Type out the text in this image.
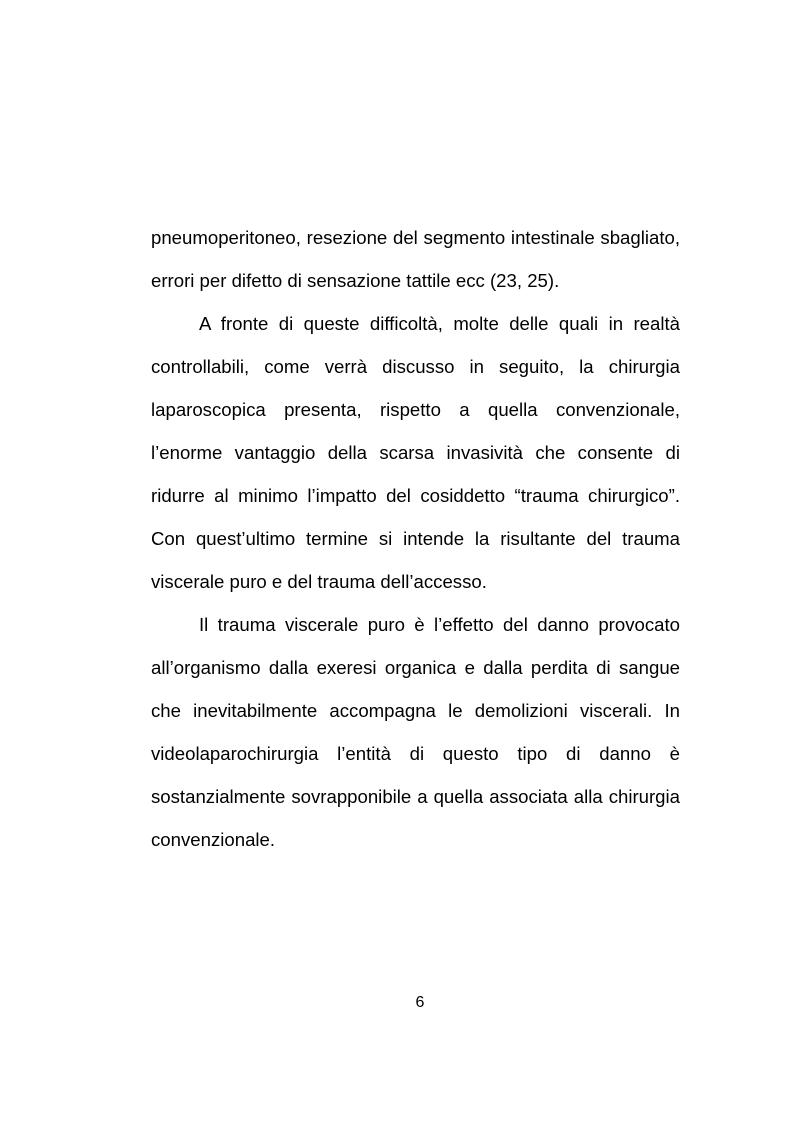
pneumoperitoneo, resezione del segmento intestinale sbagliato,
errori per difetto di sensazione tattile ecc (23, 25).
A fronte di queste difficoltà, molte delle quali in realtà
controllabili, come verrà discusso in seguito, la chirurgia
laparoscopica presenta, rispetto a quella convenzionale,
l’enorme vantaggio della scarsa invasività che consente di
ridurre al minimo l’impatto del cosiddetto “trauma chirurgico”.
Con quest’ultimo termine si intende la risultante del trauma
viscerale puro e del trauma dell’accesso.
Il trauma viscerale puro è l’effetto del danno provocato
all’organismo dalla exeresi organica e dalla perdita di sangue
che inevitabilmente accompagna le demolizioni viscerali. In
videolaparochirurgia l’entità di questo tipo di danno è
sostanzialmente sovrapponibile a quella associata alla chirurgia
convenzionale.
6
